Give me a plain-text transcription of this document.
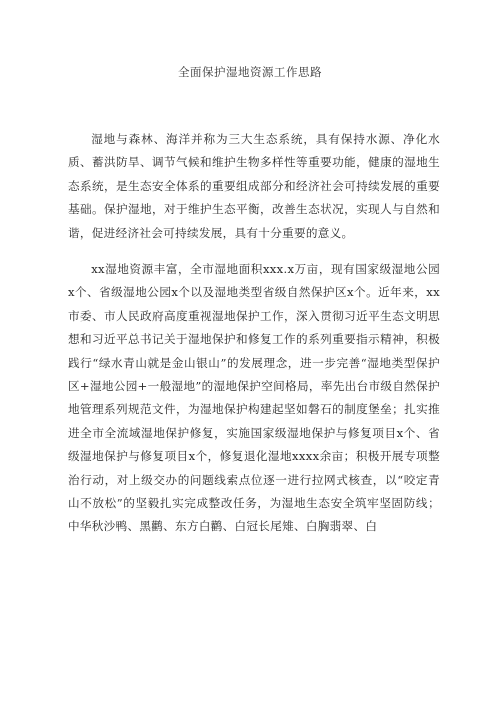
全面保护湿地资源工作思路

湿地与森林、海洋并称为三大生态系统，具有保持水源、净化水质、蓄洪防旱、调节气候和维护生物多样性等重要功能，健康的湿地生态系统，是生态安全体系的重要组成部分和经济社会可持续发展的重要基础。保护湿地，对于维护生态平衡，改善生态状况，实现人与自然和谐，促进经济社会可持续发展，具有十分重要的意义。

xx湿地资源丰富，全市湿地面积xxx.x万亩，现有国家级湿地公园x个、省级湿地公园x个以及湿地类型省级自然保护区x个。近年来，xx市委、市人民政府高度重视湿地保护工作，深入贯彻习近平生态文明思想和习近平总书记关于湿地保护和修复工作的系列重要指示精神，积极践行“绿水青山就是金山银山”的发展理念，进一步完善“湿地类型保护区+湿地公园+一般湿地”的湿地保护空间格局，率先出台市级自然保护地管理系列规范文件，为湿地保护构建起坚如磐石的制度堡垒；扎实推进全市全流域湿地保护修复，实施国家级湿地保护与修复项目x个、省级湿地保护与修复项目x个，修复退化湿地xxxx余亩；积极开展专项整治行动，对上级交办的问题线索点位逐一进行拉网式核查，以“咬定青山不放松”的坚毅扎实完成整改任务，为湿地生态安全筑牢坚固防线；中华秋沙鸭、黑鹳、东方白鹳、白冠长尾雉、白胸翡翠、白
